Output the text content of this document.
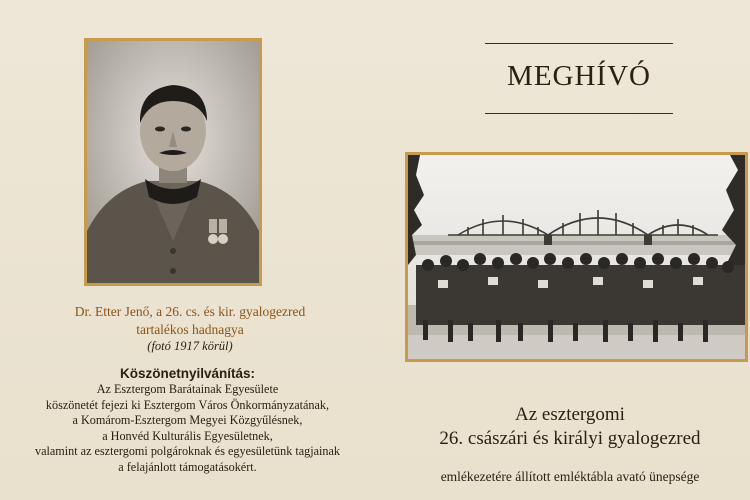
Dr. Etter Jenő, a 26. cs. és kir. gyalogezred
tartalékos hadnagya
(fotó 1917 körül)
Köszönetnyilvánítás:
Az Esztergom Barátainak Egyesülete
köszönetét fejezi ki Esztergom Város Önkormányzatának,
a Komárom-Esztergom Megyei Közgyűlésnek,
a Honvéd Kulturális Egyesületnek,
valamint az esztergomi polgároknak és egyesületünk tagjainak
a felajánlott támogatásokért.
MEGHÍVÓ
Az esztergomi
26. császári és királyi gyalogezred
emlékezetére állított emléktábla avató ünepsége
